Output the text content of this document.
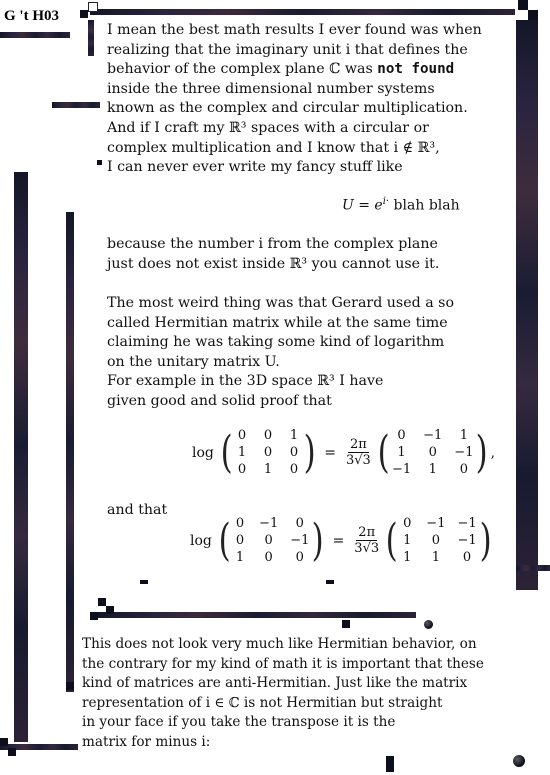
G 't H03
I mean the best math results I ever found was when
realizing that the imaginary unit i that defines the
behavior of the complex plane ℂ was not found
inside the three dimensional number systems
known as the complex and circular multiplication.
And if I craft my ℝ³ spaces with a circular or
complex multiplication and I know that i ∉ ℝ³,
I can never ever write my fancy stuff like
$U = e^{i\cdot}$ blah blah
because the number i from the complex plane
just does not exist inside ℝ³ you cannot use it.
The most weird thing was that Gerard used a so
called Hermitian matrix while at the same time
claiming he was taking some kind of logarithm
on the unitary matrix U.
For example in the 3D space ℝ³ I have
given good and solid proof that
log ( 0 0 1
1 0 0
0 1 0 ) = $\frac{2\pi}{3√3}$ ( 0	−1	1
1	0	−1
−1	1	0 ) ,
and that
log ( 0 −1	0
0	0	−1
1	0	0 ) = $\frac{2\pi}{3√3}$ ( 0 −1 −1
1	0	−1
1	1	0 )
This does not look very much like Hermitian behavior, on
the contrary for my kind of math it is important that these
kind of matrices are anti-Hermitian. Just like the matrix
representation of i ∈ ℂ is not Hermitian but straight
in your face if you take the transpose it is the
matrix for minus i:
